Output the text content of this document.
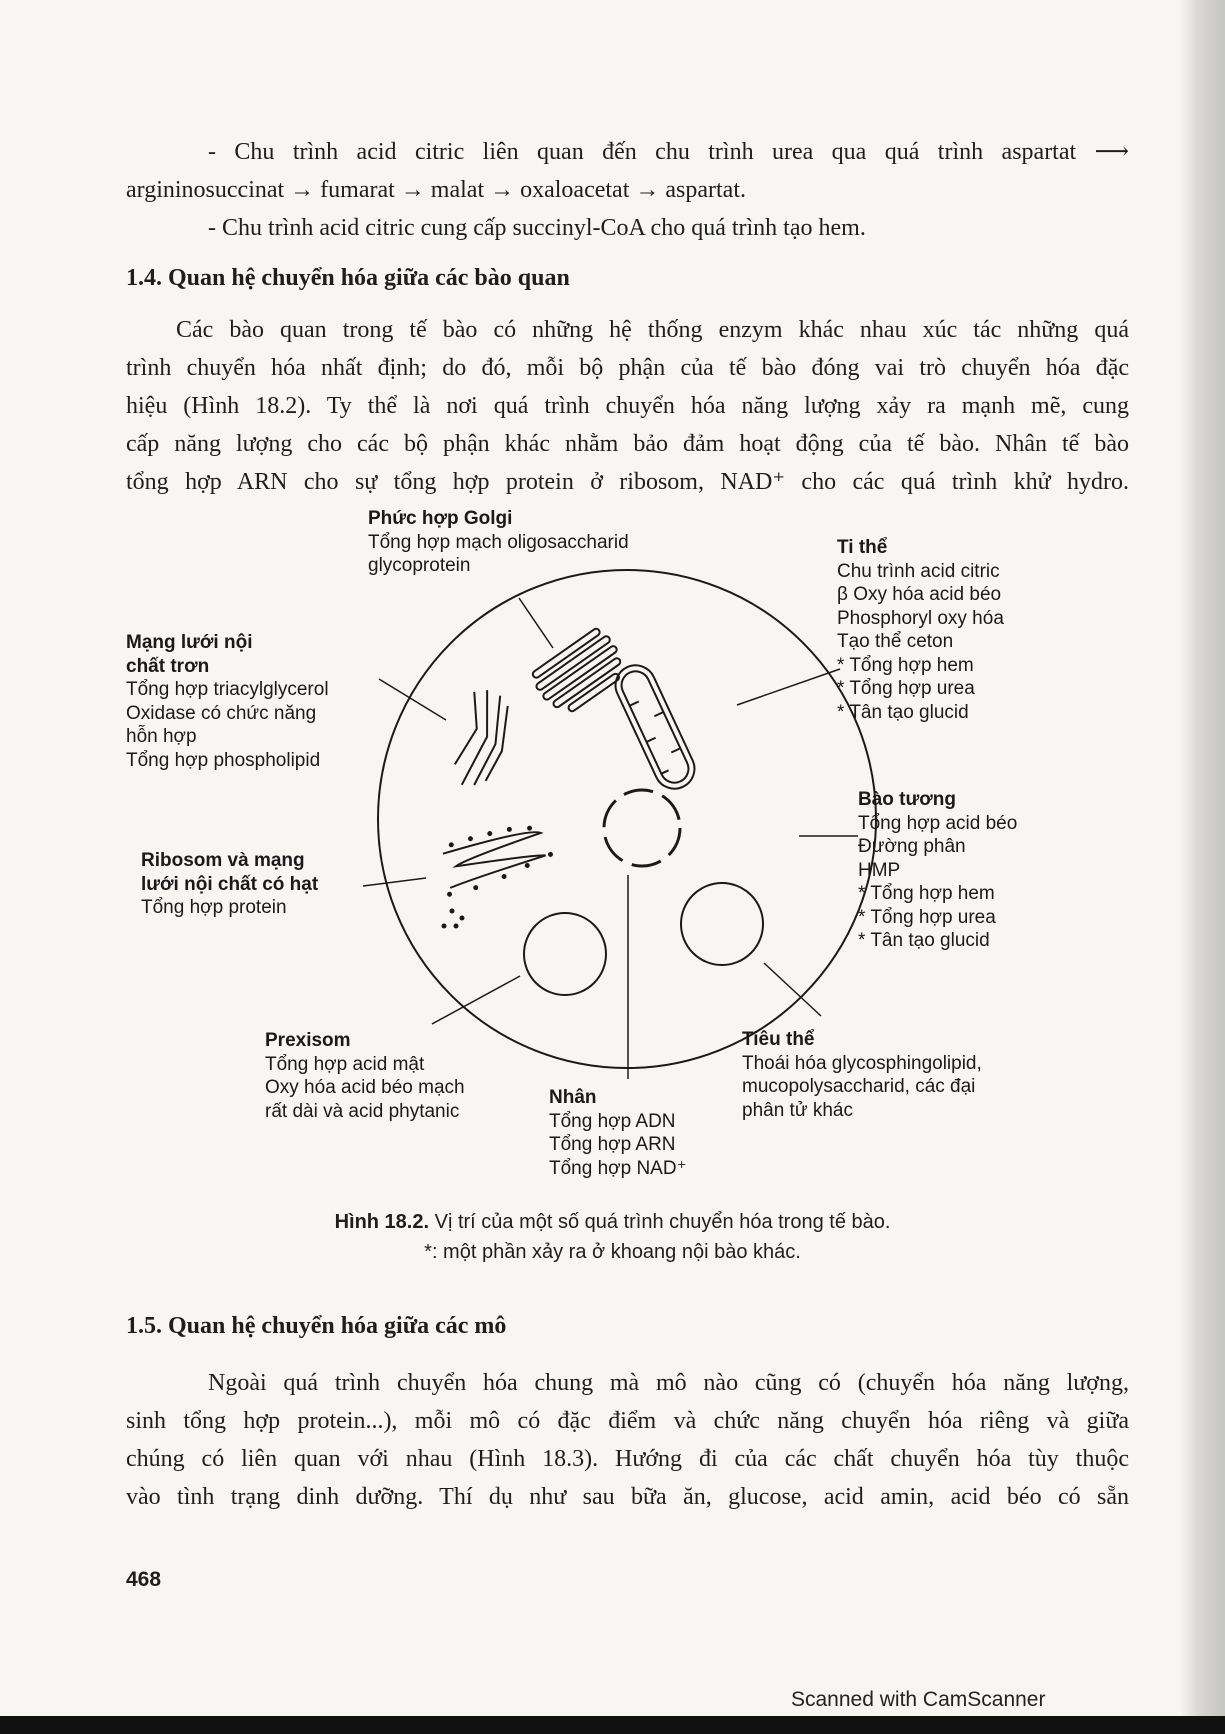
- Chu trình acid citric liên quan đến chu trình urea qua quá trình aspartat ⟶
argininosuccinat → fumarat → malat → oxaloacetat → aspartat.
- Chu trình acid citric cung cấp succinyl-CoA cho quá trình tạo hem.
1.4. Quan hệ chuyển hóa giữa các bào quan
Các bào quan trong tế bào có những hệ thống enzym khác nhau xúc tác những quá
trình chuyển hóa nhất định; do đó, mỗi bộ phận của tế bào đóng vai trò chuyển hóa đặc
hiệu (Hình 18.2). Ty thể là nơi quá trình chuyển hóa năng lượng xảy ra mạnh mẽ, cung
cấp năng lượng cho các bộ phận khác nhằm bảo đảm hoạt động của tế bào. Nhân tế bào
tổng hợp ARN cho sự tổng hợp protein ở ribosom, NAD⁺ cho các quá trình khử hydro.
Phức hợp Golgi
Tổng hợp mạch oligosaccharid
glycoprotein
Ti thể
Chu trình acid citric
β Oxy hóa acid béo
Phosphoryl oxy hóa
Tạo thể ceton
* Tổng hợp hem
* Tổng hợp urea
* Tân tạo glucid
Mạng lưới nội
chất trơn
Tổng hợp triacylglycerol
Oxidase có chức năng
hỗn hợp
Tổng hợp phospholipid
Bào tương
Tổng hợp acid béo
Đường phân
HMP
* Tổng hợp hem
* Tổng hợp urea
* Tân tạo glucid
Ribosom và mạng
lưới nội chất có hạt
Tổng hợp protein
Prexisom
Tổng hợp acid mật
Oxy hóa acid béo mạch
rất dài và acid phytanic
Nhân
Tổng hợp ADN
Tổng hợp ARN
Tổng hợp NAD⁺
Tiêu thể
Thoái hóa glycosphingolipid,
mucopolysaccharid, các đại
phân tử khác
Hình 18.2. Vị trí của một số quá trình chuyển hóa trong tế bào.
*: một phần xảy ra ở khoang nội bào khác.
1.5. Quan hệ chuyển hóa giữa các mô
Ngoài quá trình chuyển hóa chung mà mô nào cũng có (chuyển hóa năng lượng,
sinh tổng hợp protein...), mỗi mô có đặc điểm và chức năng chuyển hóa riêng và giữa
chúng có liên quan với nhau (Hình 18.3). Hướng đi của các chất chuyển hóa tùy thuộc
vào tình trạng dinh dưỡng. Thí dụ như sau bữa ăn, glucose, acid amin, acid béo có sẵn
468
Scanned with CamScanner
